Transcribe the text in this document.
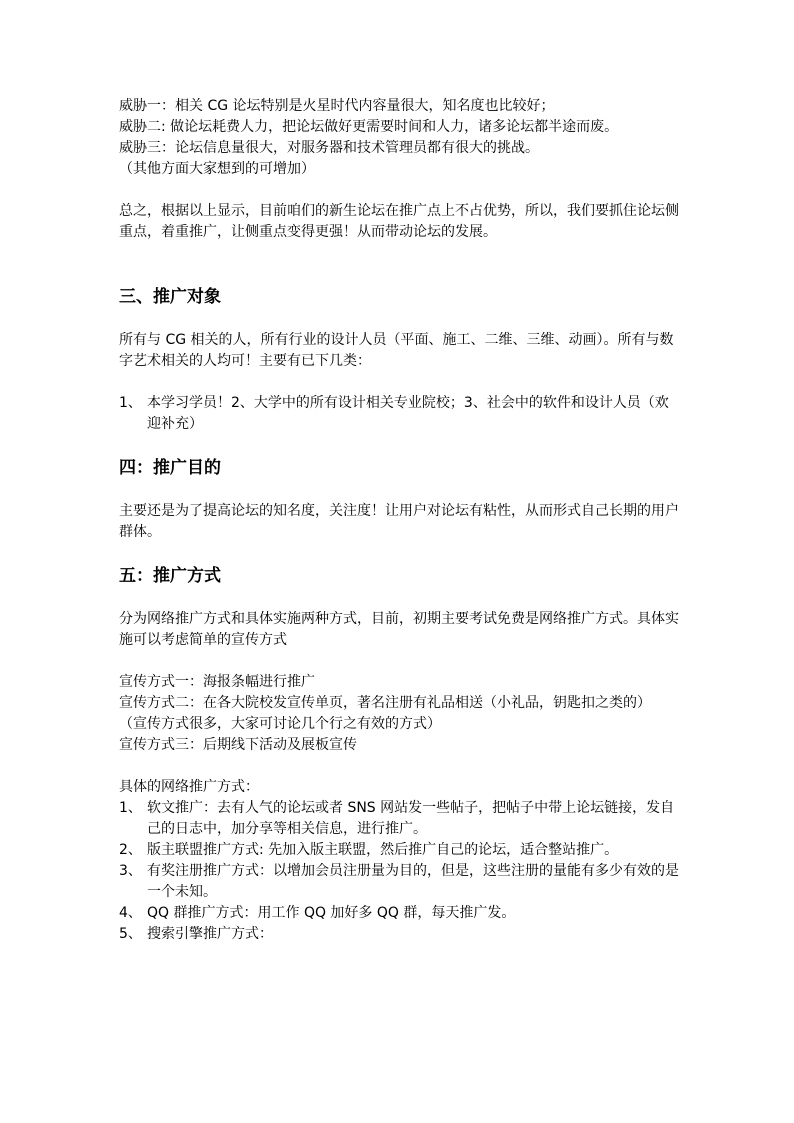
威胁一：相关 CG 论坛特别是火星时代内容量很大，知名度也比较好；

威胁二: 做论坛耗费人力，把论坛做好更需要时间和人力，诸多论坛都半途而废。

威胁三：论坛信息量很大，对服务器和技术管理员都有很大的挑战。

（其他方面大家想到的可增加）

总之，根据以上显示，目前咱们的新生论坛在推广点上不占优势，所以，我们要抓住论坛侧重点，着重推广，让侧重点变得更强！从而带动论坛的发展。

三、推广对象

所有与 CG 相关的人，所有行业的设计人员（平面、施工、二维、三维、动画）。所有与数字艺术相关的人均可！主要有已下几类：

1、 本学习学员！2、大学中的所有设计相关专业院校；3、社会中的软件和设计人员（欢迎补充）
四：推广目的

主要还是为了提高论坛的知名度，关注度！让用户对论坛有粘性，从而形式自己长期的用户群体。

五：推广方式

分为网络推广方式和具体实施两种方式，目前，初期主要考试免费是网络推广方式。具体实施可以考虑简单的宣传方式

宣传方式一：海报条幅进行推广

宣传方式二：在各大院校发宣传单页，著名注册有礼品相送（小礼品，钥匙扣之类的）

（宣传方式很多，大家可讨论几个行之有效的方式）

宣传方式三：后期线下活动及展板宣传

具体的网络推广方式：

1、 软文推广：去有人气的论坛或者 SNS 网站发一些帖子，把帖子中带上论坛链接，发自己的日志中，加分享等相关信息，进行推广。
2、 版主联盟推广方式: 先加入版主联盟，然后推广自己的论坛，适合整站推广。
3、 有奖注册推广方式：以增加会员注册量为目的，但是，这些注册的量能有多少有效的是一个未知。
4、 QQ 群推广方式：用工作 QQ 加好多 QQ 群，每天推广发。
5、 搜索引擎推广方式：
